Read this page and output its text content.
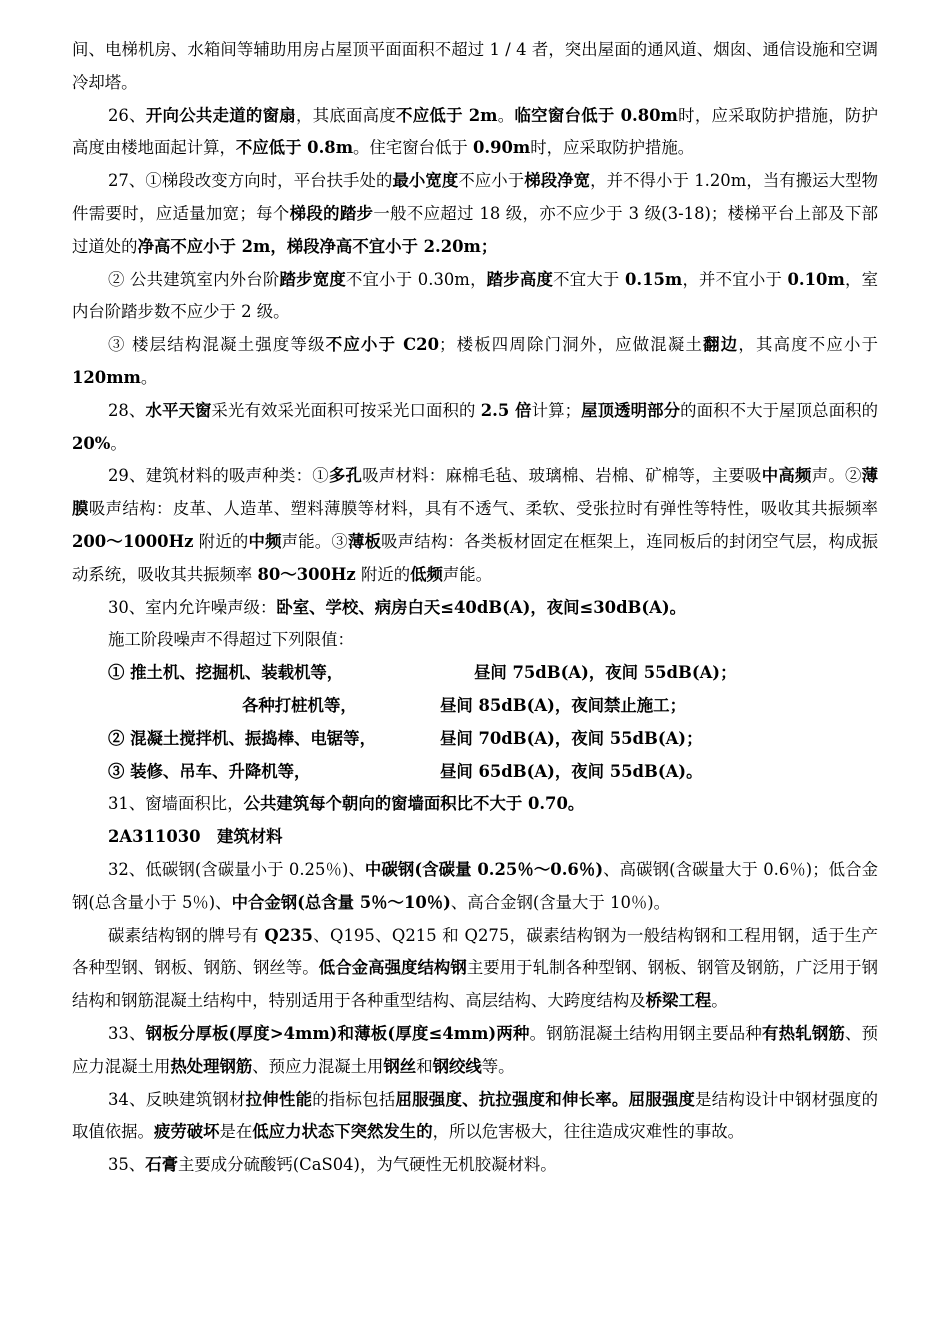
间、电梯机房、水箱间等辅助用房占屋顶平面面积不超过 1 / 4 者，突出屋面的通风道、烟囱、通信设施和空调冷却塔。

26、开向公共走道的窗扇，其底面高度不应低于 2m。临空窗台低于 0.80m时，应采取防护措施，防护高度由楼地面起计算，不应低于 0.8m。住宅窗台低于 0.90m时，应采取防护措施。

27、①梯段改变方向时，平台扶手处的最小宽度不应小于梯段净宽，并不得小于 1.20m，当有搬运大型物件需要时，应适量加宽；每个梯段的踏步一般不应超过 18 级，亦不应少于 3 级(3-18)；楼梯平台上部及下部过道处的净高不应小于 2m，梯段净高不宜小于 2.20m；

② 公共建筑室内外台阶踏步宽度不宜小于 0.30m，踏步高度不宜大于 0.15m，并不宜小于 0.10m，室内台阶踏步数不应少于 2 级。

③ 楼层结构混凝土强度等级不应小于 C20；楼板四周除门洞外，应做混凝土翻边，其高度不应小于 120mm。

28、水平天窗采光有效采光面积可按采光口面积的 2.5 倍计算；屋顶透明部分的面积不大于屋顶总面积的 20%。

29、建筑材料的吸声种类：①多孔吸声材料：麻棉毛毡、玻璃棉、岩棉、矿棉等，主要吸中高频声。②薄膜吸声结构：皮革、人造革、塑料薄膜等材料，具有不透气、柔软、受张拉时有弹性等特性，吸收其共振频率 200～1000Hz 附近的中频声能。③薄板吸声结构：各类板材固定在框架上，连同板后的封闭空气层，构成振动系统，吸收其共振频率 80～300Hz 附近的低频声能。

30、室内允许噪声级：卧室、学校、病房白天≤40dB(A)，夜间≤30dB(A)。

施工阶段噪声不得超过下列限值：

① 推土机、挖掘机、装载机等，	昼间 75dB(A)，夜间 55dB(A)；
各种打桩机等，	昼间 85dB(A)，夜间禁止施工；
② 混凝土搅拌机、振捣棒、电锯等，	昼间 70dB(A)，夜间 55dB(A)；
③ 装修、吊车、升降机等，	昼间 65dB(A)，夜间 55dB(A)。

31、窗墙面积比，公共建筑每个朝向的窗墙面积比不大于 0.70。

2A311030　建筑材料

32、低碳钢(含碳量小于 0.25％)、中碳钢(含碳量 0.25％～0.6％)、高碳钢(含碳量大于 0.6％)；低合金钢(总含量小于 5％)、中合金钢(总含量 5％～10％)、高合金钢(含量大于 10％)。

碳素结构钢的牌号有 Q235、Q195、Q215 和 Q275，碳素结构钢为一般结构钢和工程用钢，适于生产各种型钢、钢板、钢筋、钢丝等。低合金高强度结构钢主要用于轧制各种型钢、钢板、钢管及钢筋，广泛用于钢结构和钢筋混凝土结构中，特别适用于各种重型结构、高层结构、大跨度结构及桥梁工程。

33、钢板分厚板(厚度>4mm)和薄板(厚度≤4mm)两种。钢筋混凝土结构用钢主要品种有热轧钢筋、预应力混凝土用热处理钢筋、预应力混凝土用钢丝和钢绞线等。

34、反映建筑钢材拉伸性能的指标包括屈服强度、抗拉强度和伸长率。屈服强度是结构设计中钢材强度的取值依据。疲劳破坏是在低应力状态下突然发生的，所以危害极大，往往造成灾难性的事故。

35、石膏主要成分硫酸钙(CaS04)，为气硬性无机胶凝材料。
